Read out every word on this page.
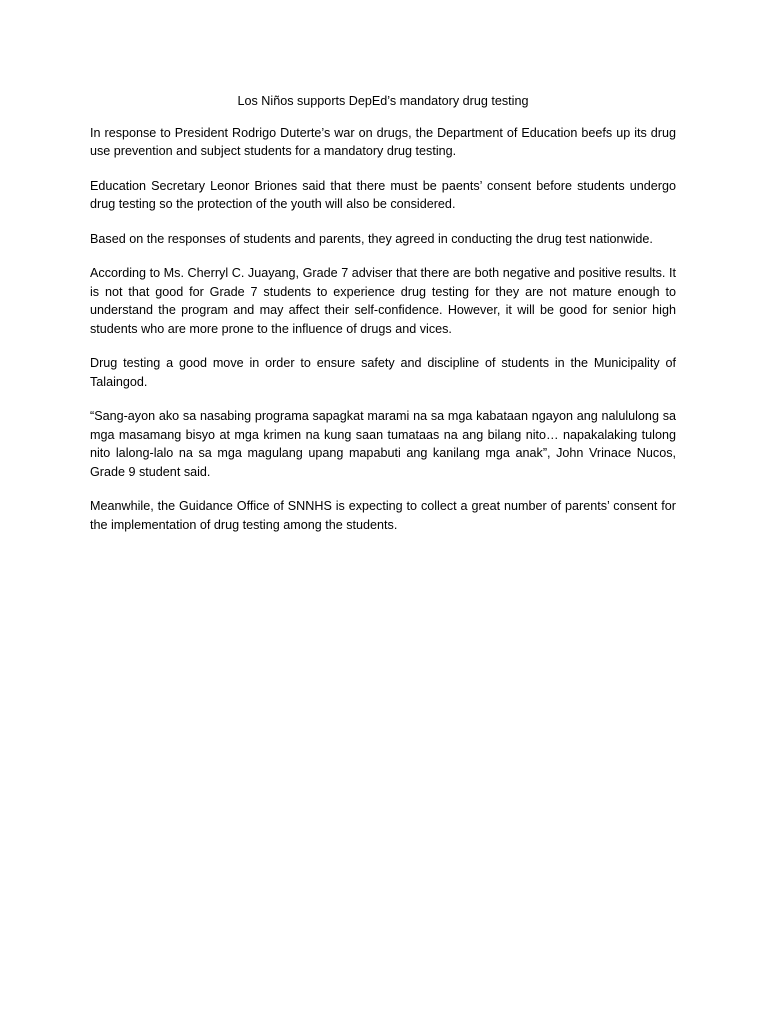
Los Niños supports DepEd’s mandatory drug testing

In response to President Rodrigo Duterte’s war on drugs, the Department of Education beefs up its drug use prevention and subject students for a mandatory drug testing.

Education Secretary Leonor Briones said that there must be paents’ consent before students undergo drug testing so the protection of the youth will also be considered.

Based on the responses of students and parents, they agreed in conducting the drug test nationwide.

According to Ms. Cherryl C. Juayang, Grade 7 adviser that there are both negative and positive results. It is not that good for Grade 7 students to experience drug testing for they are not mature enough to understand the program and may affect their self-confidence. However, it will be good for senior high students who are more prone to the influence of drugs and vices.

Drug testing a good move in order to ensure safety and discipline of students in the Municipality of Talaingod.

“Sang-ayon ako sa nasabing programa sapagkat marami na sa mga kabataan ngayon ang nalululong sa mga masamang bisyo at mga krimen na kung saan tumataas na ang bilang nito… napakalaking tulong nito lalong-lalo na sa mga magulang upang mapabuti ang kanilang mga anak”, John Vrinace Nucos, Grade 9 student said.

Meanwhile, the Guidance Office of SNNHS is expecting to collect a great number of parents’ consent for the implementation of drug testing among the students.
